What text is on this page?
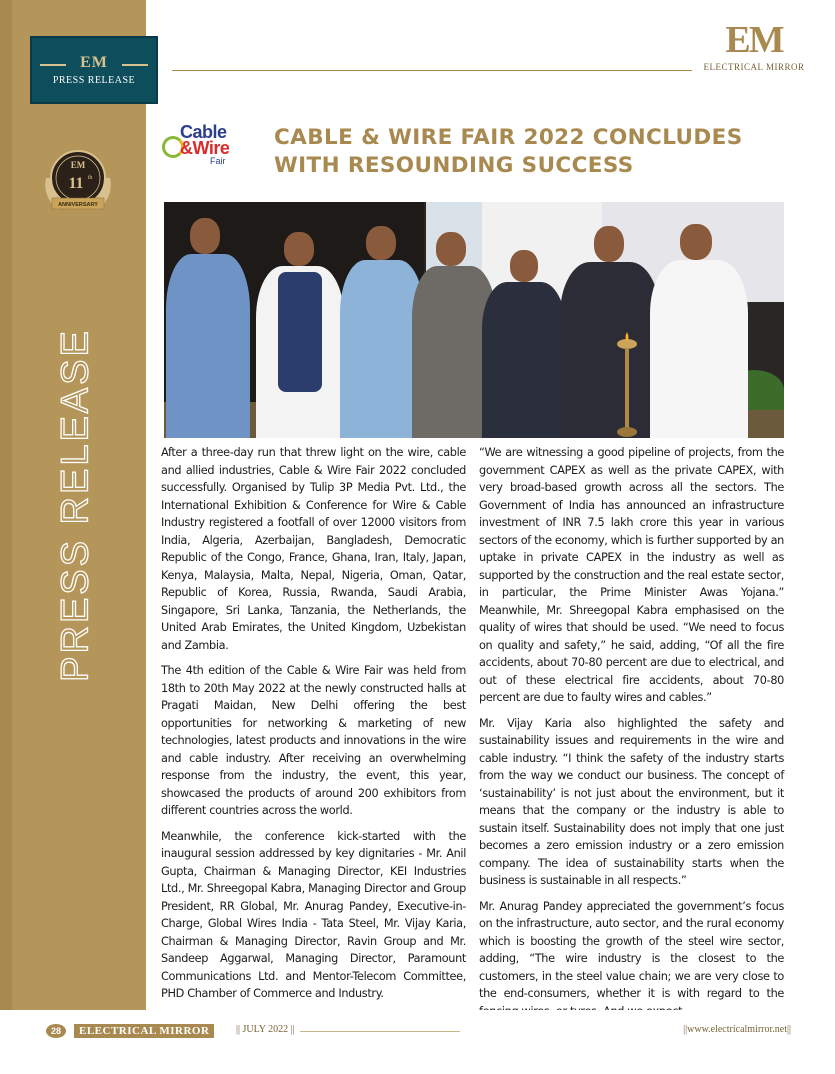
EM
PRESS RELEASE
EM
11 th
ANNIVERSARY
PRESS RELEASE
EM
ELECTRICAL MIRROR
Cable
&Wire
Fair
CABLE & WIRE FAIR 2022 CONCLUDES WITH RESOUNDING SUCCESS

After a three-day run that threw light on the wire, cable and allied industries, Cable & Wire Fair 2022 concluded successfully. Organised by Tulip 3P Media Pvt. Ltd., the International Exhibition & Conference for Wire & Cable Industry registered a footfall of over 12000 visitors from India, Algeria, Azerbaijan, Bangladesh, Democratic Republic of the Congo, France, Ghana, Iran, Italy, Japan, Kenya, Malaysia, Malta, Nepal, Nigeria, Oman, Qatar, Republic of Korea, Russia, Rwanda, Saudi Arabia, Singapore, Sri Lanka, Tanzania, the Netherlands, the United Arab Emirates, the United Kingdom, Uzbekistan and Zambia.

The 4th edition of the Cable & Wire Fair was held from 18th to 20th May 2022 at the newly constructed halls at Pragati Maidan, New Delhi offering the best opportunities for networking & marketing of new technologies, latest products and innovations in the wire and cable industry. After receiving an overwhelming response from the industry, the event, this year, showcased the products of around 200 exhibitors from different countries across the world.

Meanwhile, the conference kick-started with the inaugural session addressed by key dignitaries - Mr. Anil Gupta, Chairman & Managing Director, KEI Industries Ltd., Mr. Shreegopal Kabra, Managing Director and Group President, RR Global, Mr. Anurag Pandey, Executive-in-Charge, Global Wires India - Tata Steel, Mr. Vijay Karia, Chairman & Managing Director, Ravin Group and Mr. Sandeep Aggarwal, Managing Director, Paramount Communications Ltd. and Mentor-Telecom Committee, PHD Chamber of Commerce and Industry.

“We are witnessing a good pipeline of projects, from the government CAPEX as well as the private CAPEX, with very broad-based growth across all the sectors. The Government of India has announced an infrastructure investment of INR 7.5 lakh crore this year in various sectors of the economy, which is further supported by an uptake in private CAPEX in the industry as well as supported by the construction and the real estate sector, in particular, the Prime Minister Awas Yojana.” Meanwhile, Mr. Shreegopal Kabra emphasised on the quality of wires that should be used. “We need to focus on quality and safety,” he said, adding, “Of all the fire accidents, about 70-80 percent are due to electrical, and out of these electrical fire accidents, about 70-80 percent are due to faulty wires and cables.”

Mr. Vijay Karia also highlighted the safety and sustainability issues and requirements in the wire and cable industry. “I think the safety of the industry starts from the way we conduct our business. The concept of ‘sustainability’ is not just about the environment, but it means that the company or the industry is able to sustain itself. Sustainability does not imply that one just becomes a zero emission industry or a zero emission company. The idea of sustainability starts when the business is sustainable in all respects.”

Mr. Anurag Pandey appreciated the government’s focus on the infrastructure, auto sector, and the rural economy which is boosting the growth of the steel wire sector, adding, “The wire industry is the closest to the customers, in the steel value chain; we are very close to the end-consumers, whether it is with regard to the

28	ELECTRICAL MIRROR	|| JULY 2022 ||	||www.electricalmirror.net||
